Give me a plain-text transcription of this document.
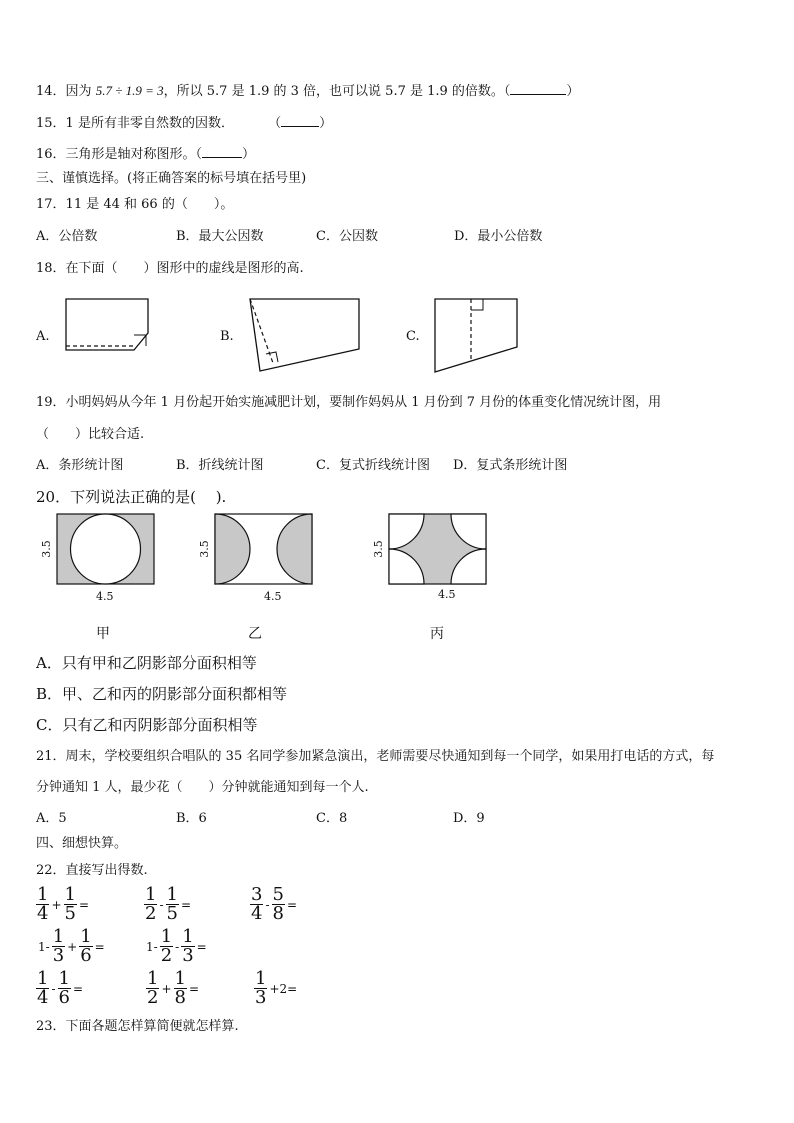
14．因为 5.7 ÷ 1.9 = 3，所以 5.7 是 1.9 的 3 倍，也可以说 5.7 是 1.9 的倍数。（	）
15．1 是所有非零自然数的因数．	（	）
16．三角形是轴对称图形。（	）
三、谨慎选择。(将正确答案的标号填在括号里)
17．11 是 44 和 66 的（　　）。
A．公倍数	B．最大公因数	C．公因数	D．最小公倍数
18．在下面（　　）图形中的虚线是图形的高.
A.	B.	C.
19．小明妈妈从今年 1 月份起开始实施减肥计划，要制作妈妈从 1 月份到 7 月份的体重变化情况统计图，用
（　　）比较合适.
A．条形统计图	B．折线统计图	C．复式折线统计图 D．复式条形统计图
20．下列说法正确的是(　 ).
3.5
4.5
甲
3.5
4.5
乙
3.5
4.5
丙
A．只有甲和乙阴影部分面积相等
B．甲、乙和丙的阴影部分面积都相等
C．只有乙和丙阴影部分面积相等
21．周末，学校要组织合唱队的 35 名同学参加紧急演出，老师需要尽快通知到每一个同学，如果用打电话的方式，每
分钟通知 1 人，最少花（　　）分钟就能通知到每一个人.
A．5	B．6	C．8	D．9
四、细想快算。
22．直接写出得数.
$\frac{1}{4} + \frac{1}{5}$ =	$\frac{1}{2} - \frac{1}{5}$ =	$\frac{3}{4} - \frac{5}{8}$ =
$1- \frac{1}{3} + \frac{1}{6}$ =	$1- \frac{1}{2} - \frac{1}{3}$ =
$\frac{1}{4} - \frac{1}{6}$ =	$\frac{1}{2} + \frac{1}{8}$ =	$\frac{1}{3} +2=$
23．下面各题怎样算简便就怎样算.
